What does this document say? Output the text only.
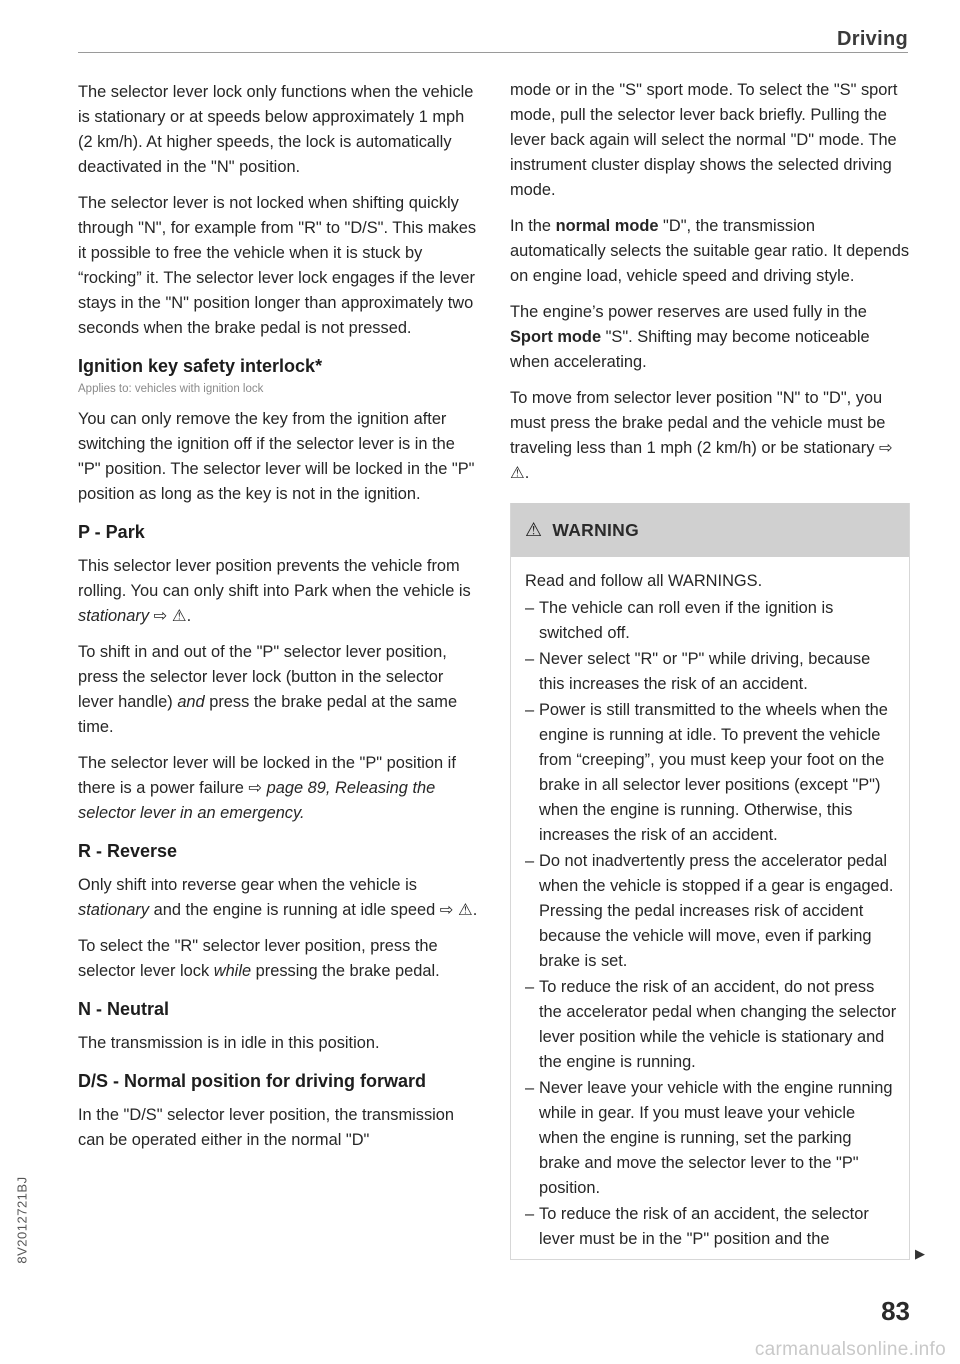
Driving

The selector lever lock only functions when the vehicle is stationary or at speeds below approximately 1 mph (2 km/h). At higher speeds, the lock is automatically deactivated in the "N" position.

The selector lever is not locked when shifting quickly through "N", for example from "R" to "D/S". This makes it possible to free the vehicle when it is stuck by “rocking” it. The selector lever lock engages if the lever stays in the "N" position longer than approximately two seconds when the brake pedal is not pressed.

Ignition key safety interlock*
Applies to: vehicles with ignition lock

You can only remove the key from the ignition after switching the ignition off if the selector lever is in the "P" position. The selector lever will be locked in the "P" position as long as the key is not in the ignition.

P - Park

This selector lever position prevents the vehicle from rolling. You can only shift into Park when the vehicle is stationary ⇨ ⚠.

To shift in and out of the "P" selector lever position, press the selector lever lock (button in the selector lever handle) and press the brake pedal at the same time.

The selector lever will be locked in the "P" position if there is a power failure ⇨ page 89, Releasing the selector lever in an emergency.

R - Reverse

Only shift into reverse gear when the vehicle is stationary and the engine is running at idle speed ⇨ ⚠.

To select the "R" selector lever position, press the selector lever lock while pressing the brake pedal.

N - Neutral

The transmission is in idle in this position.

D/S - Normal position for driving forward

In the "D/S" selector lever position, the transmission can be operated either in the normal "D"

mode or in the "S" sport mode. To select the "S" sport mode, pull the selector lever back briefly. Pulling the lever back again will select the normal "D" mode. The instrument cluster display shows the selected driving mode.

In the normal mode "D", the transmission automatically selects the suitable gear ratio. It depends on engine load, vehicle speed and driving style.

The engine’s power reserves are used fully in the Sport mode "S". Shifting may become noticeable when accelerating.

To move from selector lever position "N" to "D", you must press the brake pedal and the vehicle must be traveling less than 1 mph (2 km/h) or be stationary ⇨ ⚠.

⚠ WARNING

Read and follow all WARNINGS.

– The vehicle can roll even if the ignition is switched off.
– Never select "R" or "P" while driving, because this increases the risk of an accident.
– Power is still transmitted to the wheels when the engine is running at idle. To prevent the vehicle from “creeping”, you must keep your foot on the brake in all selector lever positions (except "P") when the engine is running. Otherwise, this increases the risk of an accident.
– Do not inadvertently press the accelerator pedal when the vehicle is stopped if a gear is engaged. Pressing the pedal increases risk of accident because the vehicle will move, even if parking brake is set.
– To reduce the risk of an accident, do not press the accelerator pedal when changing the selector lever position while the vehicle is stationary and the engine is running.
– Never leave your vehicle with the engine running while in gear. If you must leave your vehicle when the engine is running, set the parking brake and move the selector lever to the "P" position.
– To reduce the risk of an accident, the selector lever must be in the "P" position and the
▶
83
8V2012721BJ
carmanualsonline.info
